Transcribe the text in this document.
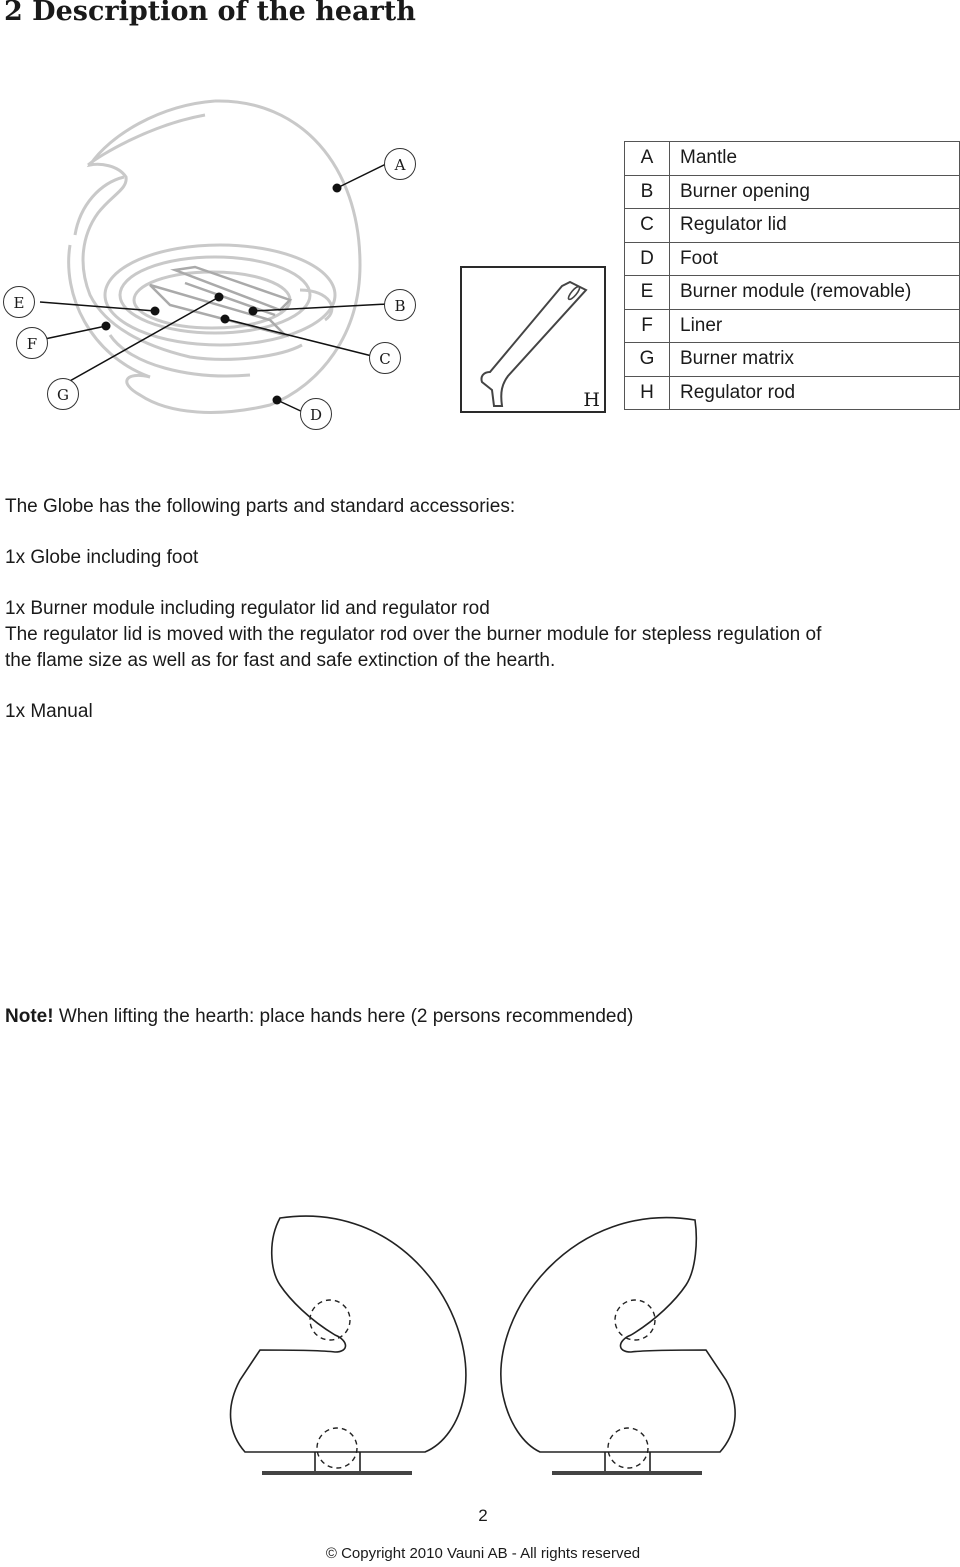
2 Description of the hearth
A
B
C
D
E
F
G	H
A	Mantle
B	Burner opening
C	Regulator lid
D	Foot
E	Burner module (removable)
F	Liner
G	Burner matrix
H	Regulator rod

The Globe has the following parts and standard accessories:

1x Globe including foot

1x Burner module including regulator lid and regulator rod

The regulator lid is moved with the regulator rod over the burner module for stepless regulation of

the flame size as well as for fast and safe extinction of the hearth.

1x Manual

Note! When lifting the hearth: place hands here (2 persons recommended)

2
© Copyright 2010 Vauni AB - All rights reserved
